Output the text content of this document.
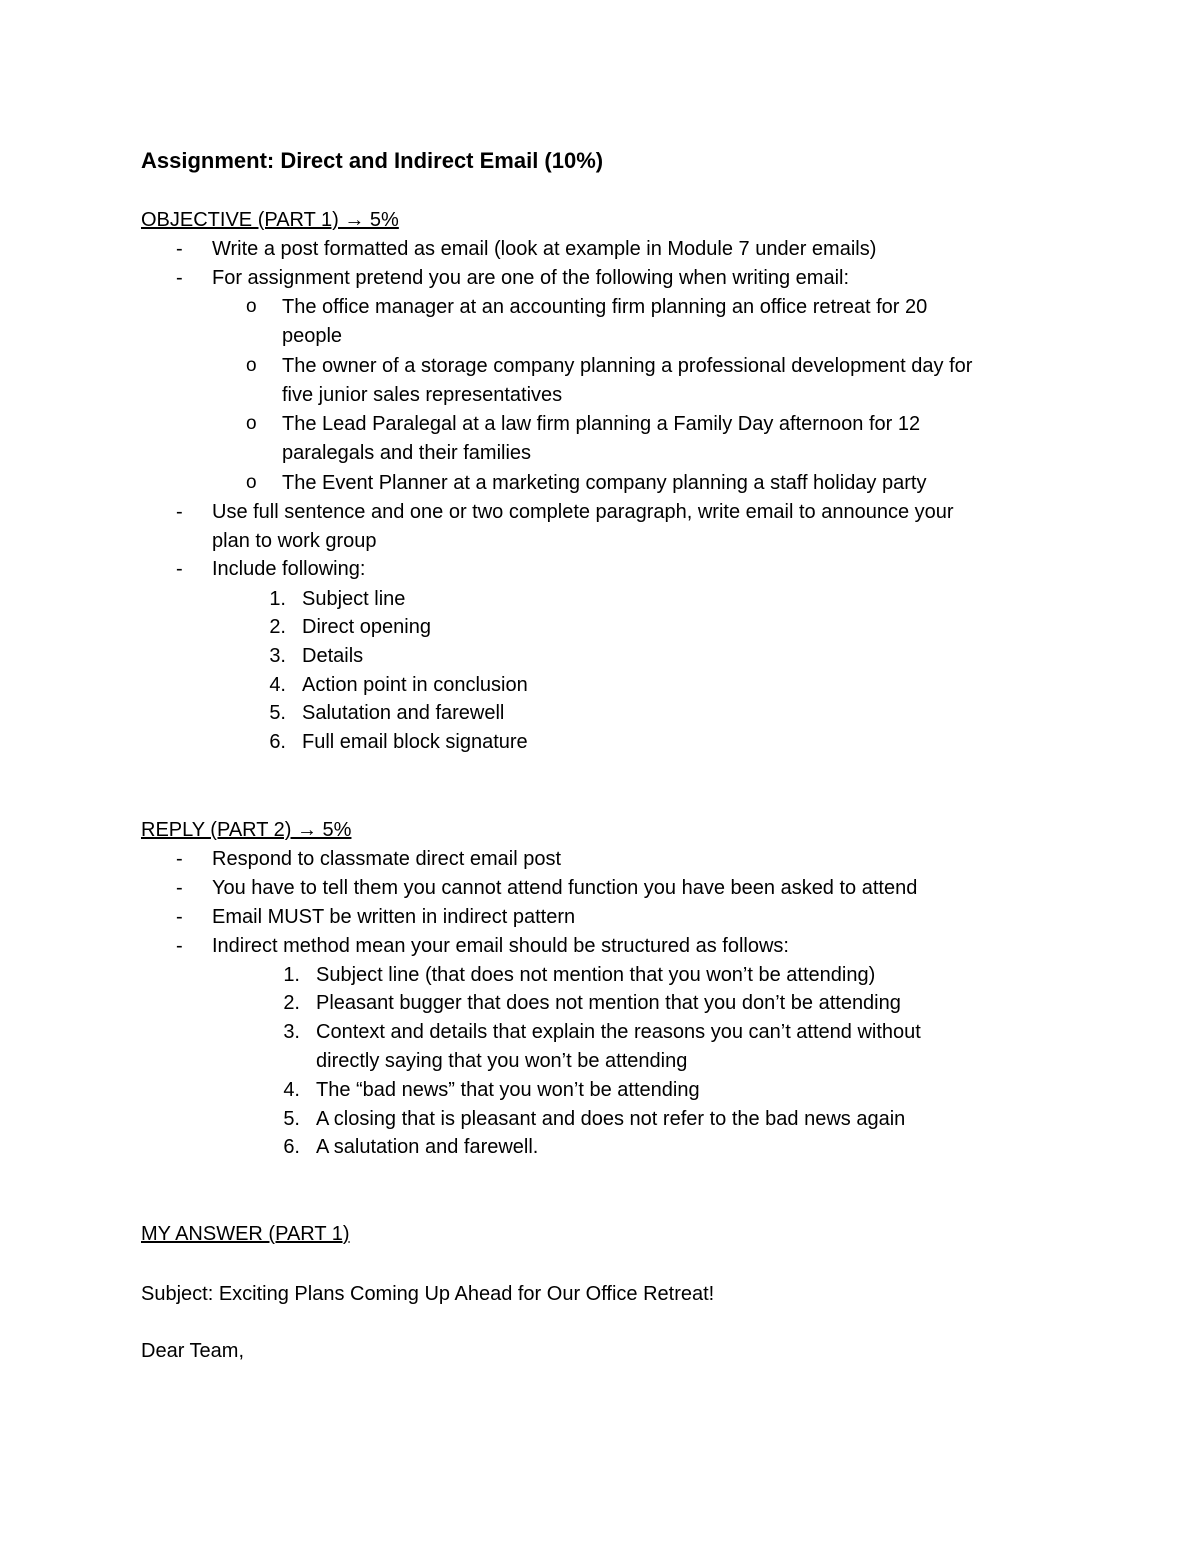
Assignment: Direct and Indirect Email (10%)
OBJECTIVE (PART 1) → 5%
- Write a post formatted as email (look at example in Module 7 under emails)
- For assignment pretend you are one of the following when writing email:
o The office manager at an accounting firm planning an office retreat for 20
people
o The owner of a storage company planning a professional development day for
five junior sales representatives
o The Lead Paralegal at a law firm planning a Family Day afternoon for 12
paralegals and their families
o The Event Planner at a marketing company planning a staff holiday party
- Use full sentence and one or two complete paragraph, write email to announce your
plan to work group
- Include following:
1. Subject line
2. Direct opening
3. Details
4. Action point in conclusion
5. Salutation and farewell
6. Full email block signature
REPLY (PART 2) → 5%
- Respond to classmate direct email post
- You have to tell them you cannot attend function you have been asked to attend
- Email MUST be written in indirect pattern
- Indirect method mean your email should be structured as follows:
1. Subject line (that does not mention that you won’t be attending)
2. Pleasant bugger that does not mention that you don’t be attending
3. Context and details that explain the reasons you can’t attend without
directly saying that you won’t be attending
4. The “bad news” that you won’t be attending
5. A closing that is pleasant and does not refer to the bad news again
6. A salutation and farewell.
MY ANSWER (PART 1)
Subject: Exciting Plans Coming Up Ahead for Our Office Retreat!
Dear Team,
